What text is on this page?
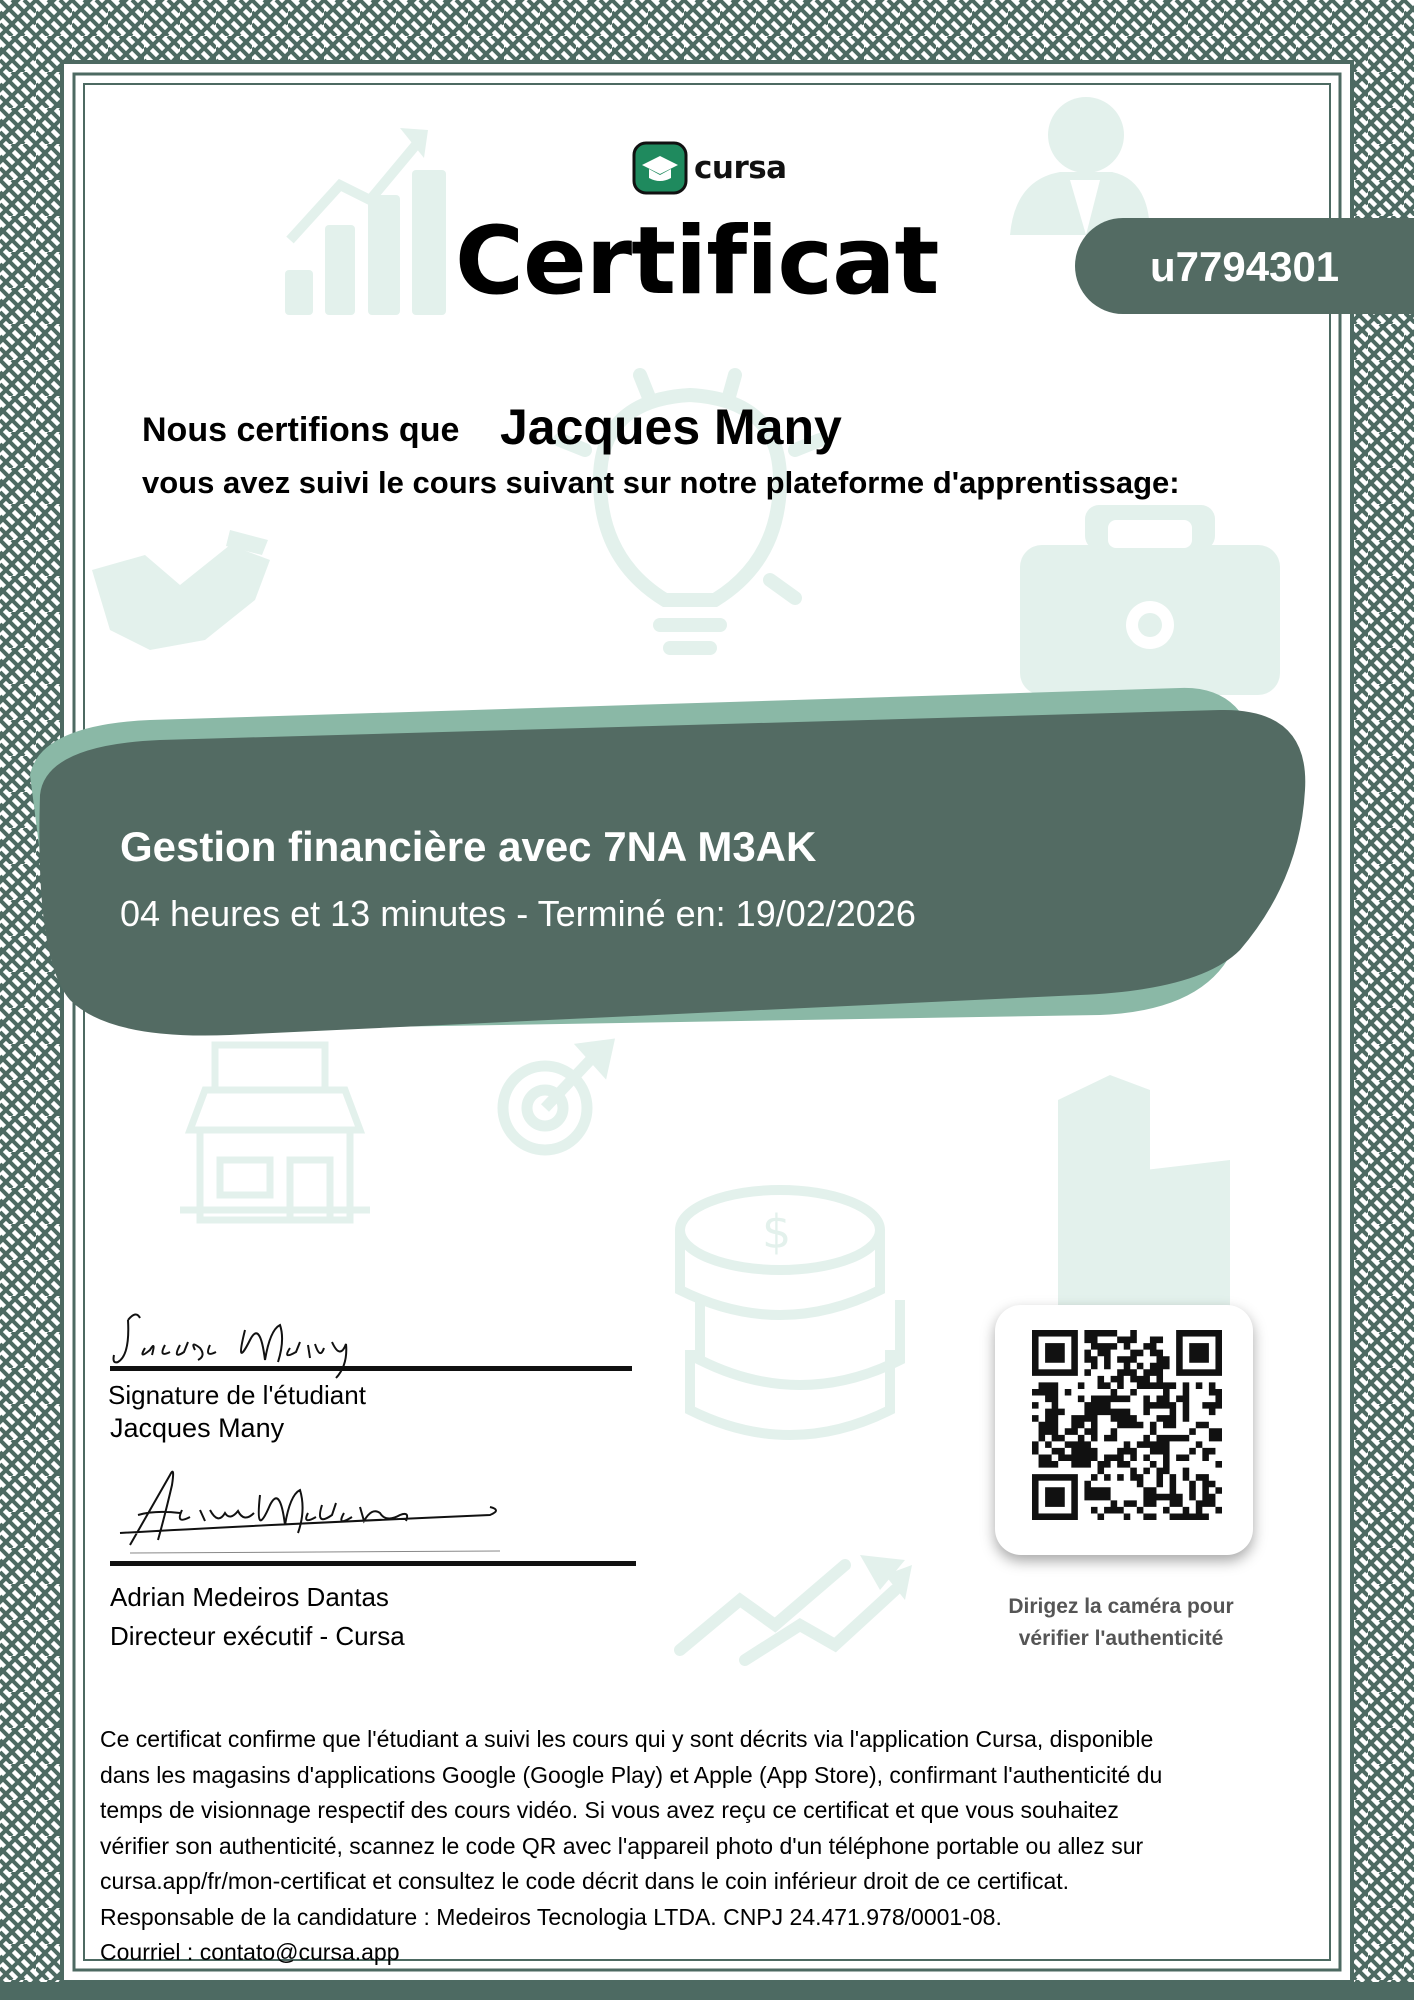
$
cursa
Certificat	u7794301
Nous certifions que Jacques Many
vous avez suivi le cours suivant sur notre plateforme d'apprentissage:
Gestion financière avec 7NA M3AK
04 heures et 13 minutes - Terminé en: 19/02/2026
Signature de l'étudiant
Jacques Many
Adrian Medeiros Dantas
Directeur exécutif - Cursa
Dirigez la caméra pour
vérifier l'authenticité
Ce certificat confirme que l'étudiant a suivi les cours qui y sont décrits via l'application Cursa, disponible
dans les magasins d'applications Google (Google Play) et Apple (App Store), confirmant l'authenticité du
temps de visionnage respectif des cours vidéo. Si vous avez reçu ce certificat et que vous souhaitez
vérifier son authenticité, scannez le code QR avec l'appareil photo d'un téléphone portable ou allez sur
cursa.app/fr/mon-certificat et consultez le code décrit dans le coin inférieur droit de ce certificat.
Responsable de la candidature : Medeiros Tecnologia LTDA. CNPJ 24.471.978/0001-08.
Courriel : contato@cursa.app
